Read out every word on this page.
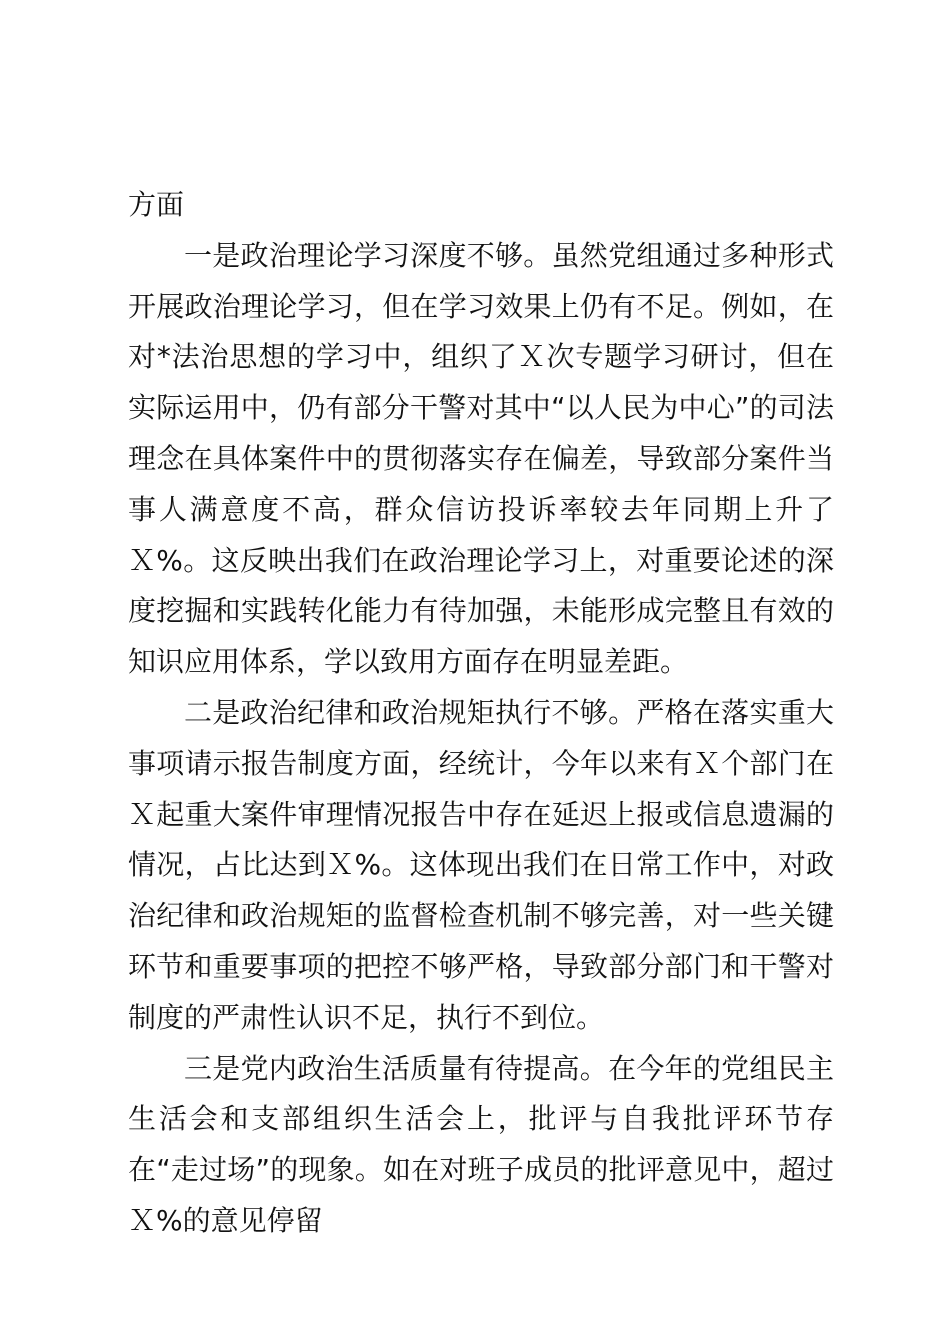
方面

一是政治理论学习深度不够。虽然党组通过多种形式开展政治理论学习，但在学习效果上仍有不足。例如，在对*法治思想的学习中，组织了Ｘ次专题学习研讨，但在实际运用中，仍有部分干警对其中“以人民为中心”的司法理念在具体案件中的贯彻落实存在偏差，导致部分案件当事人满意度不高，群众信访投诉率较去年同期上升了Ｘ%。这反映出我们在政治理论学习上，对重要论述的深度挖掘和实践转化能力有待加强，未能形成完整且有效的知识应用体系，学以致用方面存在明显差距。

二是政治纪律和政治规矩执行不够。严格在落实重大事项请示报告制度方面，经统计，今年以来有Ｘ个部门在Ｘ起重大案件审理情况报告中存在延迟上报或信息遗漏的情况，占比达到Ｘ%。这体现出我们在日常工作中，对政治纪律和政治规矩的监督检查机制不够完善，对一些关键环节和重要事项的把控不够严格，导致部分部门和干警对制度的严肃性认识不足，执行不到位。

三是党内政治生活质量有待提高。在今年的党组民主生活会和支部组织生活会上，批评与自我批评环节存在“走过场”的现象。如在对班子成员的批评意见中，超过Ｘ%的意见停留
